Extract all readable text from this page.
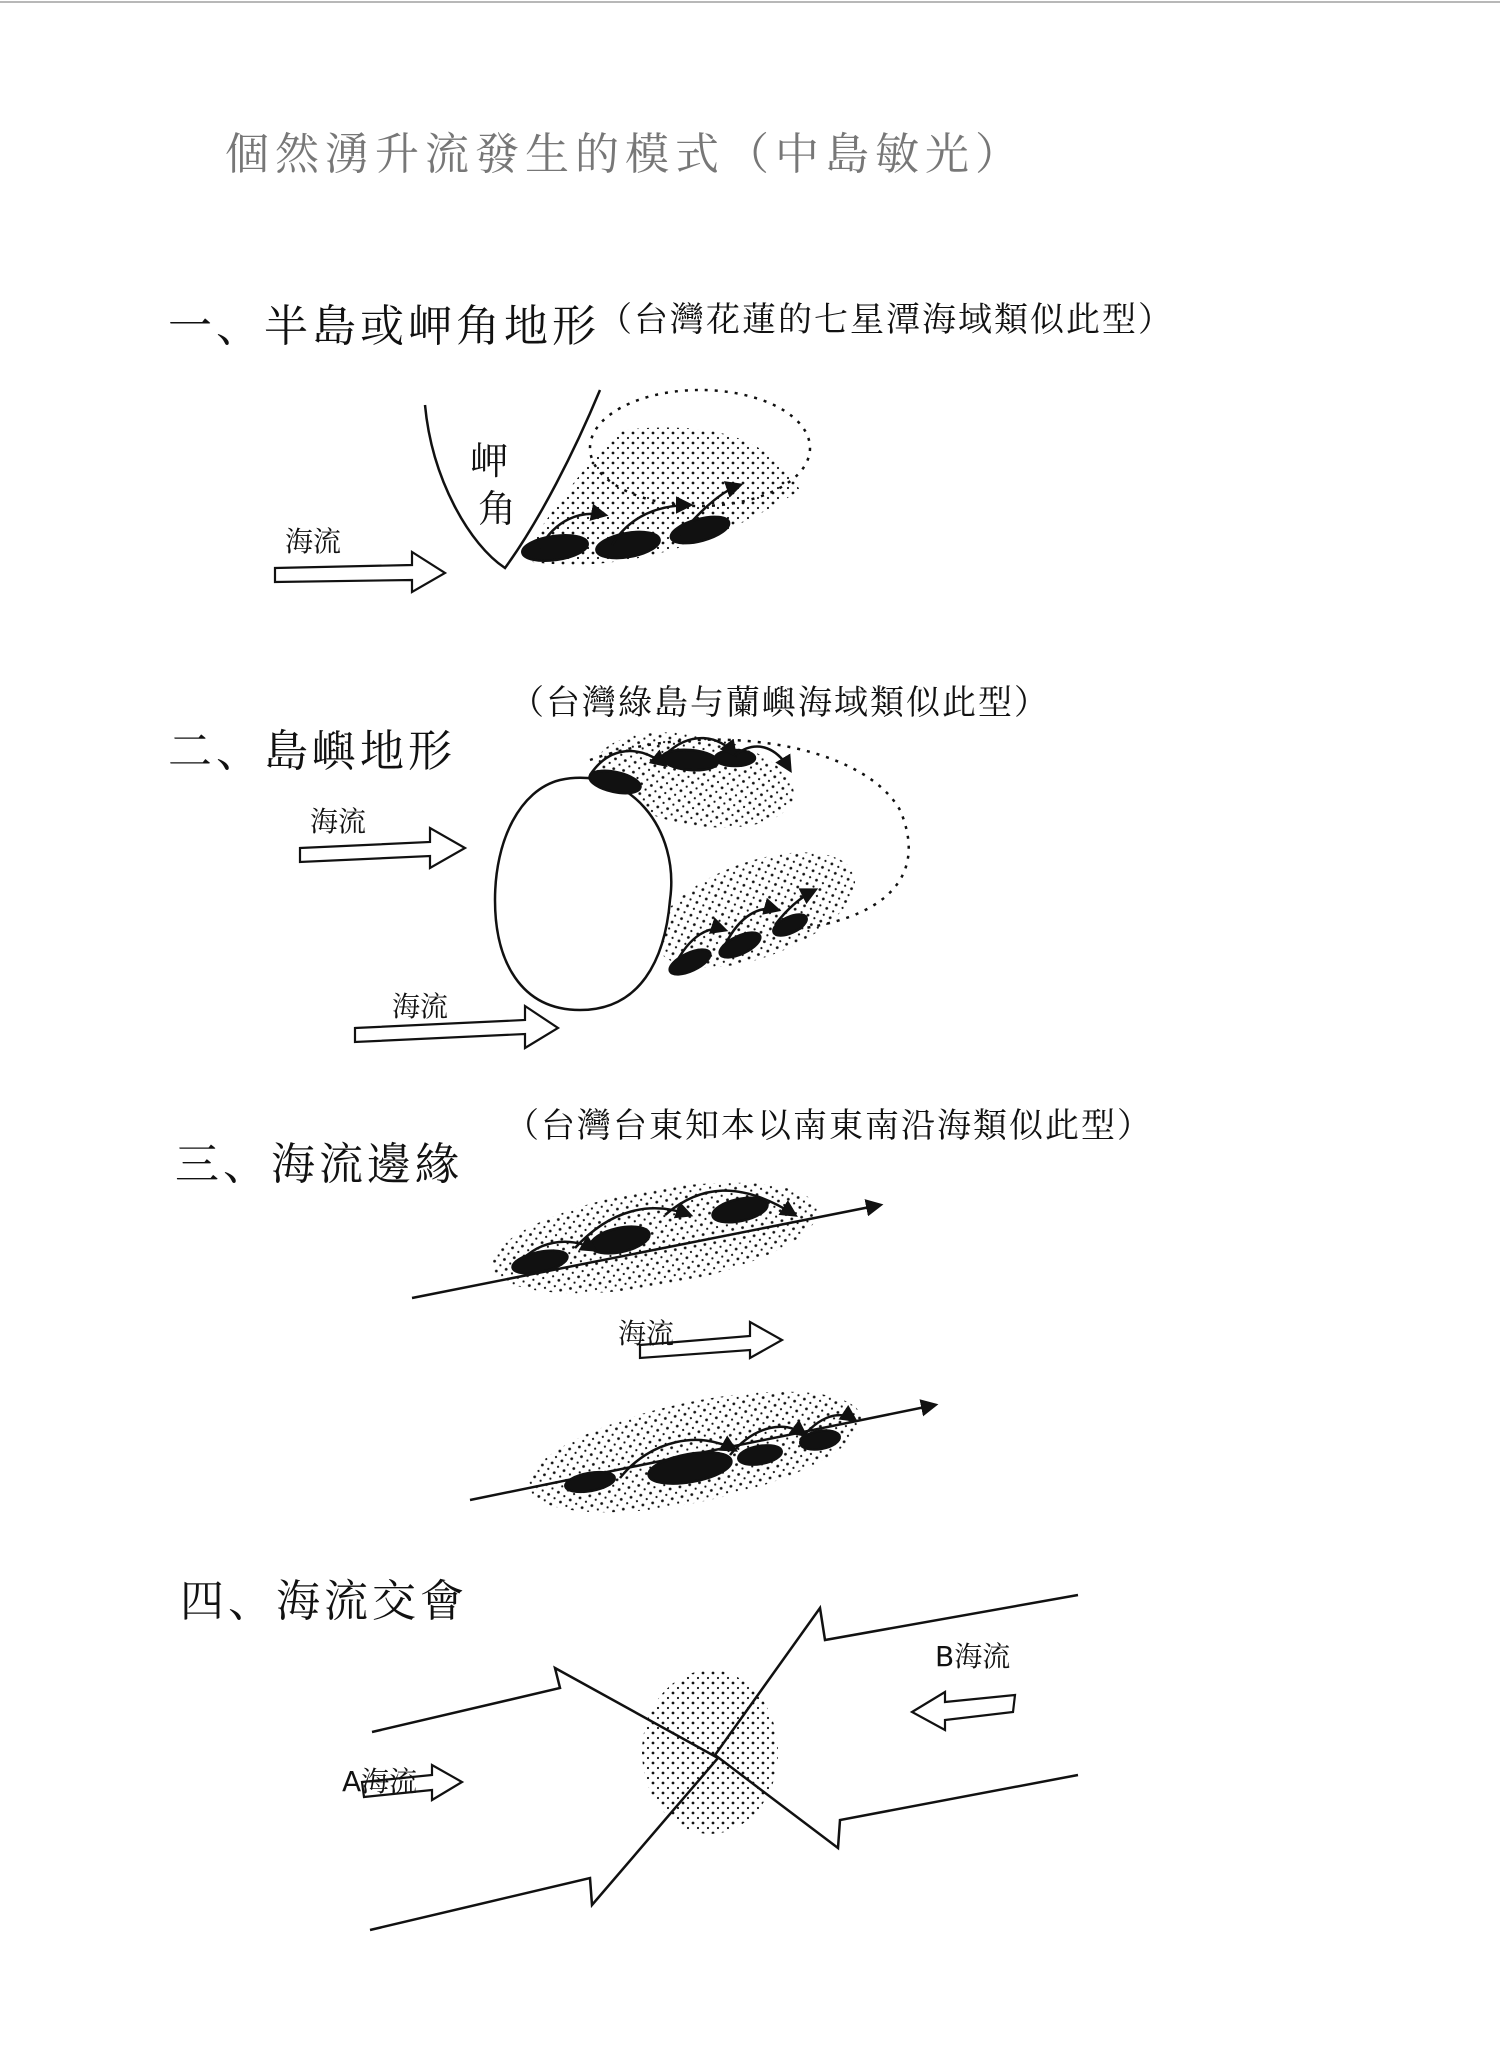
個然湧升流發生的模式（中島敏光）
一、半島或岬角地形
（台灣花蓮的七星潭海域類似此型）
二、島嶼地形
（台灣綠島与蘭嶼海域類似此型）
三、海流邊緣
（台灣台東知本以南東南沿海類似此型）
四、海流交會
海流
岬
角
海流
海流
海流
A海流
B海流
